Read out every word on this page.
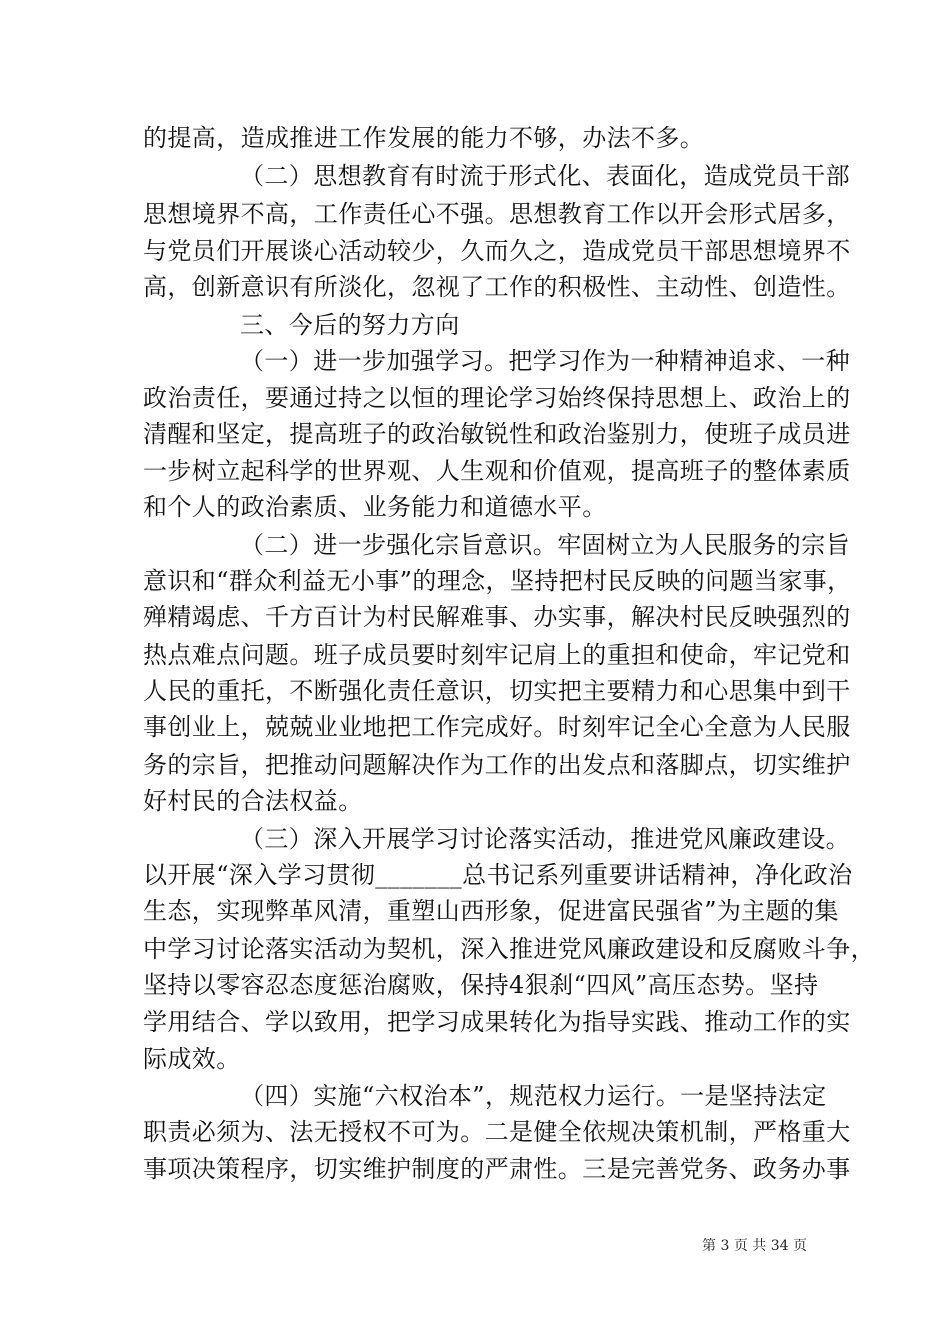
的提高，造成推进工作发展的能力不够，办法不多。
（二）思想教育有时流于形式化、表面化，造成党员干部
思想境界不高，工作责任心不强。思想教育工作以开会形式居多，
与党员们开展谈心活动较少，久而久之，造成党员干部思想境界不
高，创新意识有所淡化，忽视了工作的积极性、主动性、创造性。
三、今后的努力方向
（一）进一步加强学习。把学习作为一种精神追求、一种
政治责任，要通过持之以恒的理论学习始终保持思想上、政治上的
清醒和坚定，提高班子的政治敏锐性和政治鉴别力，使班子成员进
一步树立起科学的世界观、人生观和价值观，提高班子的整体素质
和个人的政治素质、业务能力和道德水平。
（二）进一步强化宗旨意识。牢固树立为人民服务的宗旨
意识和“群众利益无小事”的理念，坚持把村民反映的问题当家事，
殚精竭虑、千方百计为村民解难事、办实事，解决村民反映强烈的
热点难点问题。班子成员要时刻牢记肩上的重担和使命，牢记党和
人民的重托，不断强化责任意识，切实把主要精力和心思集中到干
事创业上，兢兢业业地把工作完成好。时刻牢记全心全意为人民服
务的宗旨，把推动问题解决作为工作的出发点和落脚点，切实维护
好村民的合法权益。
（三）深入开展学习讨论落实活动，推进党风廉政建设。
以开展“深入学习贯彻_______总书记系列重要讲话精神，净化政治
生态，实现弊革风清，重塑山西形象，促进富民强省”为主题的集
中学习讨论落实活动为契机，深入推进党风廉政建设和反腐败斗争，
坚持以零容忍态度惩治腐败，保持4狠刹“四风”高压态势。坚持
学用结合、学以致用，把学习成果转化为指导实践、推动工作的实
际成效。
（四）实施“六权治本”，规范权力运行。一是坚持法定
职责必须为、法无授权不可为。二是健全依规决策机制，严格重大
事项决策程序，切实维护制度的严肃性。三是完善党务、政务办事
第 3 页 共 34 页
